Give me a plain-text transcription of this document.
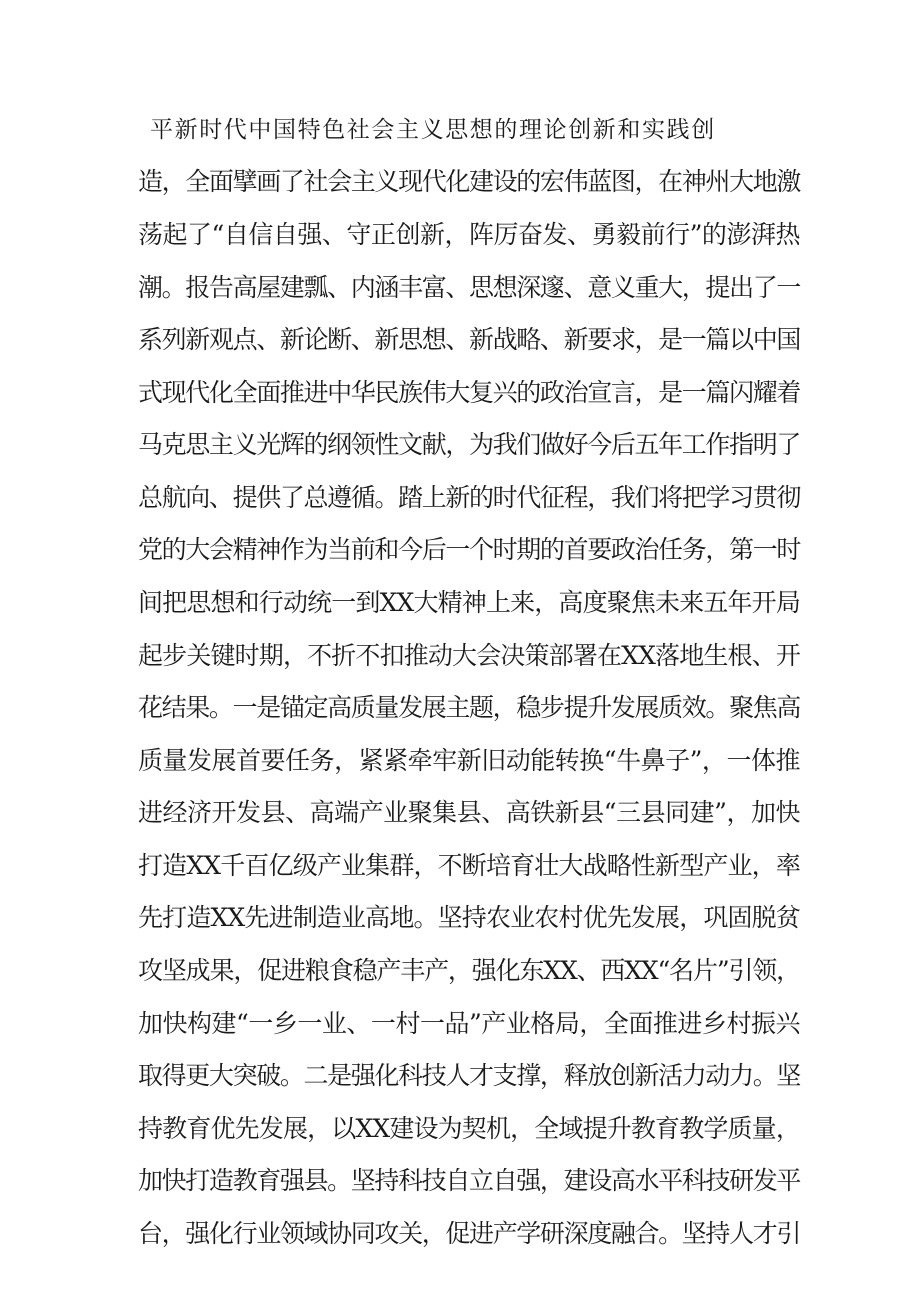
平新时代中国特色社会主义思想的理论创新和实践创
造，全面擘画了社会主义现代化建设的宏伟蓝图，在神州大地激
荡起了“自信自强、守正创新，阵厉奋发、勇毅前行”的澎湃热
潮。报告高屋建瓢、内涵丰富、思想深邃、意义重大，提出了一
系列新观点、新论断、新思想、新战略、新要求，是一篇以中国
式现代化全面推进中华民族伟大复兴的政治宣言，是一篇闪耀着
马克思主义光辉的纲领性文献，为我们做好今后五年工作指明了
总航向、提供了总遵循。踏上新的时代征程，我们将把学习贯彻
党的大会精神作为当前和今后一个时期的首要政治任务，第一时
间把思想和行动统一到XX大精神上来，高度聚焦未来五年开局
起步关键时期，不折不扣推动大会决策部署在XX落地生根、开
花结果。一是锚定高质量发展主题，稳步提升发展质效。聚焦高
质量发展首要任务，紧紧牵牢新旧动能转换“牛鼻子”，一体推
进经济开发县、高端产业聚集县、高铁新县“三县同建”，加快
打造XX千百亿级产业集群，不断培育壮大战略性新型产业，率
先打造XX先进制造业高地。坚持农业农村优先发展，巩固脱贫
攻坚成果，促进粮食稳产丰产，强化东XX、西XX“名片”引领，
加快构建“一乡一业、一村一品”产业格局，全面推进乡村振兴
取得更大突破。二是强化科技人才支撑，释放创新活力动力。坚
持教育优先发展，以XX建设为契机，全域提升教育教学质量，
加快打造教育强县。坚持科技自立自强，建设高水平科技研发平
台，强化行业领域协同攻关，促进产学研深度融合。坚持人才引
